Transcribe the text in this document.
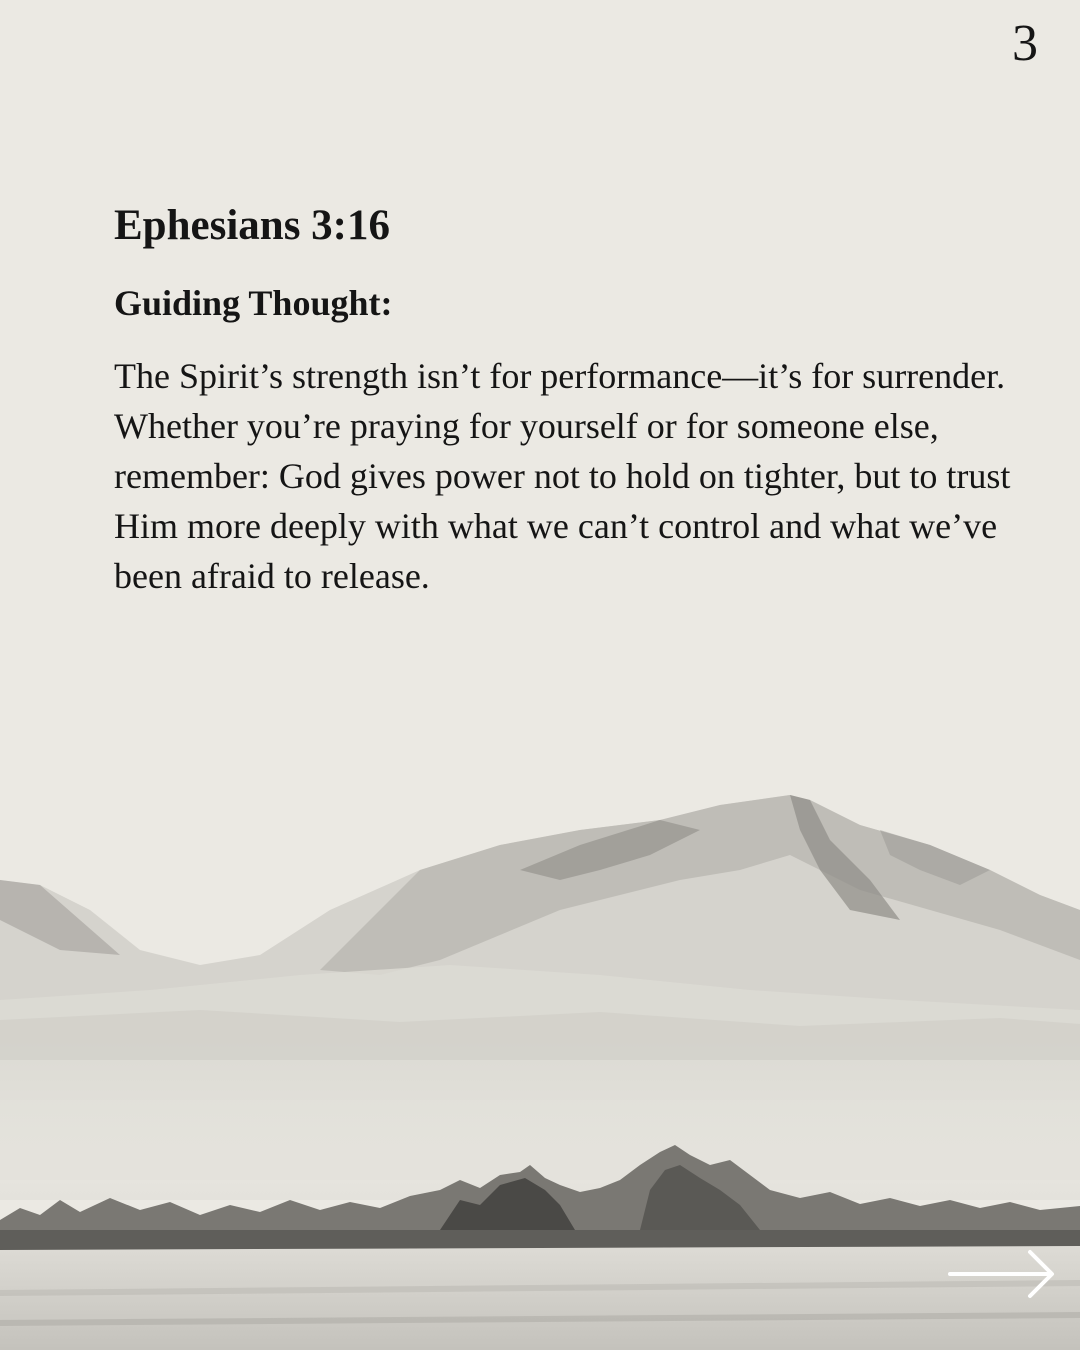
3
Ephesians 3:16
Guiding Thought:

The Spirit’s strength isn’t for performance—it’s for surrender. Whether you’re praying for yourself or for someone else, remember: God gives power not to hold on tighter, but to trust Him more deeply with what we can’t control and what we’ve been afraid to release.
